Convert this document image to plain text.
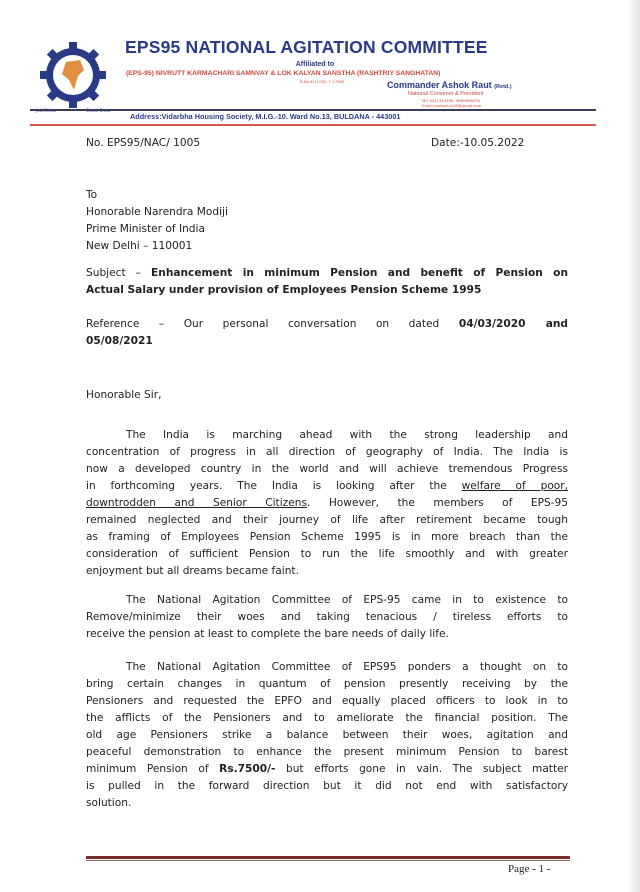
EPS95 NATIONAL AGITATION COMMITTEE
Affiliated to
(EPS-95) NIVRUTT KARMACHARI SAMNVAY & LOK KALYAN SANSTHA (RASHTRIY SANGHATAN)
R.No.52/17(B), F-17895	Commander Ashok Raut (Retd.)
National Convener & President
MO.9421343496, 9860696934
Email:rautashok28@gmail.com
Address:Vidarbha Housing Society, M.I.G.-10. Ward No.13, BULDANA - 443001
No. EPS95/NAC/ 1005	Date:-10.05.2022
To
Honorable Narendra Modiji
Prime Minister of India
New Delhi – 110001
Subject – Enhancement in minimum Pension and benefit of Pension on
Actual Salary under provision of Employees Pension Scheme 1995
Reference  –  Our  personal  conversation  on  dated  04/03/2020  and
05/08/2021
Honorable Sir,
The India is marching ahead with the strong leadership and
concentration of progress in all direction of geography of India. The India is
now a developed country in the world and will achieve tremendous Progress
in forthcoming years. The India is looking after the welfare of poor,
downtrodden and Senior Citizens. However, the members of EPS-95
remained neglected and their journey of life after retirement became tough
as framing of Employees Pension Scheme 1995 is in more breach than the
consideration of sufficient Pension to run the life smoothly and with greater
enjoyment but all dreams became faint.
The National Agitation Committee of EPS-95 came in to existence to
Remove/minimize their woes and taking tenacious / tireless efforts to
receive the pension at least to complete the bare needs of daily life.
The National Agitation Committee of EPS95 ponders a thought on to
bring certain changes in quantum of pension presently receiving by the
Pensioners and requested the EPFO and equally placed officers to look in to
the afflicts of the Pensioners and to ameliorate the financial position. The
old age Pensioners strike a balance between their woes, agitation and
peaceful demonstration to enhance the present minimum Pension to barest
minimum Pension of Rs.7500/- but efforts gone in vain. The subject matter
is pulled in the forward direction but it did not end with satisfactory
solution.
Page - 1 -
